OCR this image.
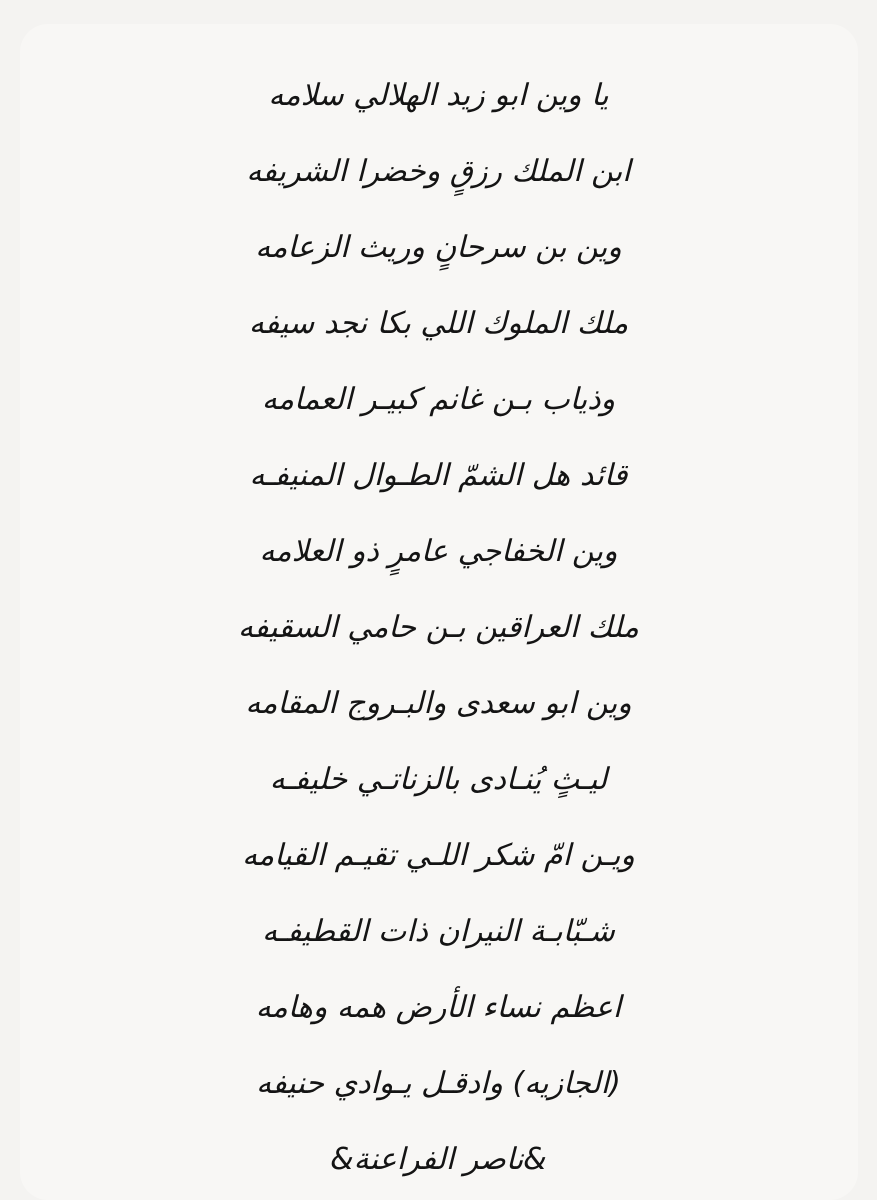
يا وين ابو زيد الهلالي سلامه
ابن الملك رزقٍ وخضرا الشريفه
وين بن سرحانٍ وريث الزعامه
ملك الملوك اللي بكا نجد سيفه
وذياب بـن غانم كبيـر العمامه
قائد هل الشمّ الطـوال المنيفـه
وين الخفاجي عامرٍ ذو العلامه
ملك العراقين بـن حامي السقيفه
وين ابو سعدى والبـروج المقامه
ليـثٍ يُنـادى بالزناتـي خليفـه
ويـن امّ شكر اللـي تقيـم القيامه
شـبّابـة النيران ذات القطيفـه
اعظم نساء الأرض همه وهامه
(الجازيه) وادقـل يـوادي حنيفه
&ناصر الفراعنة&
